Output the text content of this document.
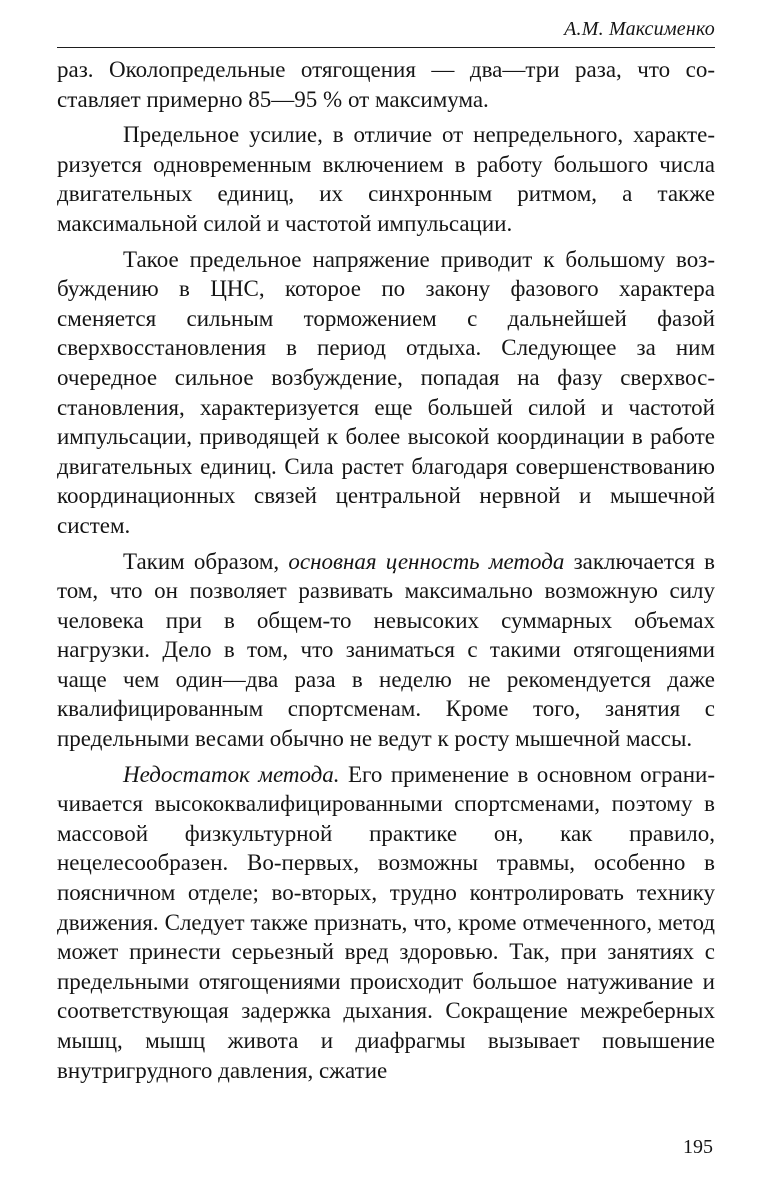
А.М. Максименко

раз. Околопредельные отягощения — два—три раза, что составляет примерно 85—95 % от максимума.

Предельное усилие, в отличие от непредельного, характеризуется одновременным включением в работу большого числа двигательных единиц, их синхронным ритмом, а также максимальной силой и частотой импульсации.

Такое предельное напряжение приводит к большому возбуждению в ЦНС, которое по закону фазового характера сменяется сильным торможением с дальнейшей фазой сверхвосстановления в период отдыха. Следующее за ним очередное сильное возбуждение, попадая на фазу сверхвосстановления, характеризуется еще большей силой и частотой импульсации, приводящей к более высокой координации в работе двигательных единиц. Сила растет благодаря совершенствованию координационных связей центральной нервной и мышечной систем.

Таким образом, основная ценность метода заключается в том, что он позволяет развивать максимально возможную силу человека при в общем-то невысоких суммарных объемах нагрузки. Дело в том, что заниматься с такими отягощениями чаще чем один—два раза в неделю не рекомендуется даже квалифицированным спортсменам. Кроме того, занятия с предельными весами обычно не ведут к росту мышечной массы.

Недостаток метода. Его применение в основном ограничивается высококвалифицированными спортсменами, поэтому в массовой физкультурной практике он, как правило, нецелесообразен. Во-первых, возможны травмы, особенно в поясничном отделе; во-вторых, трудно контролировать технику движения. Следует также признать, что, кроме отмеченного, метод может принести серьезный вред здоровью. Так, при занятиях с предельными отягощениями происходит большое натуживание и соответствующая задержка дыхания. Сокращение межреберных мышц, мышц живота и диафрагмы вызывает повышение внутригрудного давления, сжатие

195
